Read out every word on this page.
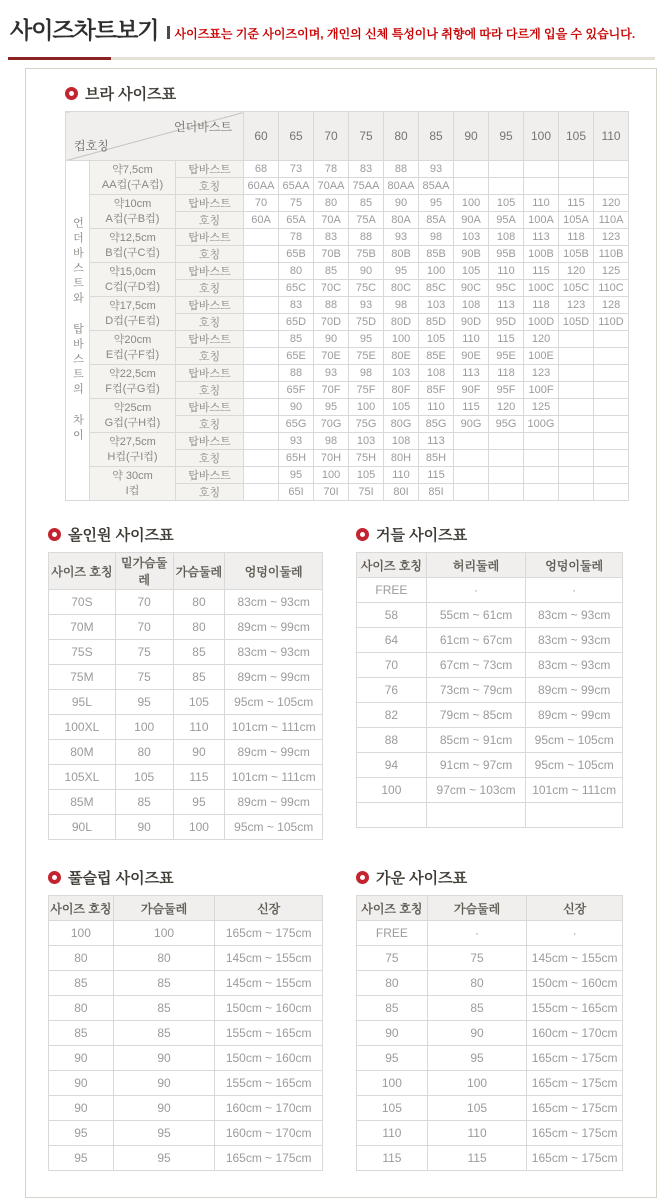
사이즈차트보기 사이즈표는 기준 사이즈이며, 개인의 신체 특성이나 취향에 따라 다르게 입을 수 있습니다.
브라 사이즈표
언더바스트
컵호칭			60	65	70	75	80	85	90	95	100	105	110
언더바스트와 탑바스트의 차이	약7,5cm
AA컵(구A컵)	탑바스트	68	73	78	83	88	93					
		호칭	60AA	65AA	70AA	75AA	80AA	85AA					

	약10cm
A컵(구B컵)	탑바스트	70	75	80	85	90	95	100	105	110	115	120
		호칭	60A	65A	70A	75A	80A	85A	90A	95A	100A	105A	110A

	약12,5cm
B컵(구C컵)	탑바스트		78	83	88	93	98	103	108	113	118	123
		호칭		65B	70B	75B	80B	85B	90B	95B	100B	105B	110B

	약15,0cm
C컵(구D컵)	탑바스트		80	85	90	95	100	105	110	115	120	125
		호칭		65C	70C	75C	80C	85C	90C	95C	100C	105C	110C

	약17,5cm
D컵(구E컵)	탑바스트		83	88	93	98	103	108	113	118	123	128
		호칭		65D	70D	75D	80D	85D	90D	95D	100D	105D	110D

	약20cm
E컵(구F컵)	탑바스트		85	90	95	100	105	110	115	120		
		호칭		65E	70E	75E	80E	85E	90E	95E	100E		

	약22,5cm
F컵(구G컵)	탑바스트		88	93	98	103	108	113	118	123		
		호칭		65F	70F	75F	80F	85F	90F	95F	100F		

	약25cm
G컵(구H컵)	탑바스트		90	95	100	105	110	115	120	125		
		호칭		65G	70G	75G	80G	85G	90G	95G	100G		

	약27,5cm
H컵(구I컵)	탑바스트		93	98	103	108	113					
		호칭		65H	70H	75H	80H	85H					

	약 30cm
I컵	탑바스트		95	100	105	110	115					
		호칭		65I	70I	75I	80I	85I					
올인원 사이즈표
사이즈 호칭	밑가슴둘레	가슴둘레	엉덩이둘레
70S	70	80	83cm ~ 93cm
70M	70	80	89cm ~ 99cm
75S	75	85	83cm ~ 93cm
75M	75	85	89cm ~ 99cm
95L	95	105	95cm ~ 105cm
100XL	100	110	101cm ~ 111cm
80M	80	90	89cm ~ 99cm
105XL	105	115	101cm ~ 111cm
85M	85	95	89cm ~ 99cm
90L	90	100	95cm ~ 105cm
거들 사이즈표
사이즈 호칭	허리둘레	엉덩이둘레
FREE	·	·
58	55cm ~ 61cm	83cm ~ 93cm
64	61cm ~ 67cm	83cm ~ 93cm
70	67cm ~ 73cm	83cm ~ 93cm
76	73cm ~ 79cm	89cm ~ 99cm
82	79cm ~ 85cm	89cm ~ 99cm
88	85cm ~ 91cm	95cm ~ 105cm
94	91cm ~ 97cm	95cm ~ 105cm
100	97cm ~ 103cm	101cm ~ 111cm

풀슬립 사이즈표
사이즈 호칭	가슴둘레	신장
100	100	165cm ~ 175cm
80	80	145cm ~ 155cm
85	85	145cm ~ 155cm
80	85	150cm ~ 160cm
85	85	155cm ~ 165cm
90	90	150cm ~ 160cm
90	90	155cm ~ 165cm
90	90	160cm ~ 170cm
95	95	160cm ~ 170cm
95	95	165cm ~ 175cm
가운 사이즈표
사이즈 호칭	가슴둘레	신장
FREE	·	·
75	75	145cm ~ 155cm
80	80	150cm ~ 160cm
85	85	155cm ~ 165cm
90	90	160cm ~ 170cm
95	95	165cm ~ 175cm
100	100	165cm ~ 175cm
105	105	165cm ~ 175cm
110	110	165cm ~ 175cm
115	115	165cm ~ 175cm
